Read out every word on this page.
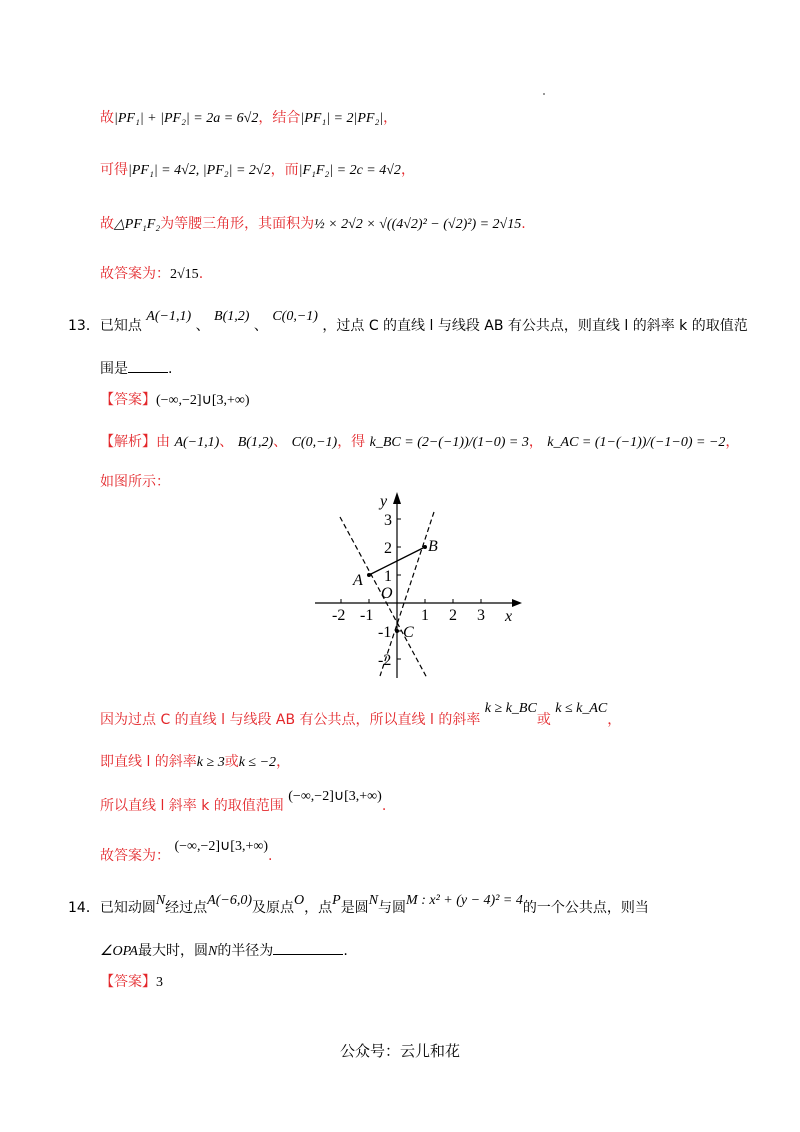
故|PF₁| + |PF₂| = 2a = 6√2，结合|PF₁| = 2|PF₂|，
可得|PF₁| = 4√2, |PF₂| = 2√2，而|F₁F₂| = 2c = 4√2，
故△PF₁F₂为等腰三角形，其面积为½ × 2√2 × √((4√2)² − (√2)²) = 2√15.
故答案为：2√15.
13．已知点 A(−1,1) 、 B(1,2) 、 C(0,−1) ，过点 C 的直线 l 与线段 AB 有公共点，则直线 l 的斜率 k 的取值范
围是	.
【答案】(−∞,−2]∪[3,+∞)
【解析】由 A(−1,1)、 B(1,2)、 C(0,−1)，得 k_BC = (2−(−1))/(1−0) = 3， k_AC = (1−(−1))/(−1−0) = −2，
如图所示：
x
y
O
-2 -1	1 2 3
3
2
1
-1
-2
A
B
C
因为过点 C 的直线 l 与线段 AB 有公共点，所以直线 l 的斜率 k ≥ k_BC或 k ≤ k_AC，
即直线 l 的斜率k ≥ 3或k ≤ −2，
所以直线 l 斜率 k 的取值范围 (−∞,−2]∪[3,+∞).
故答案为： (−∞,−2]∪[3,+∞).
14．已知动圆N经过点A(−6,0)及原点O，点P是圆N与圆M : x² + (y − 4)² = 4的一个公共点，则当
∠OPA最大时，圆N的半径为	.
【答案】3
公众号：云儿和花
